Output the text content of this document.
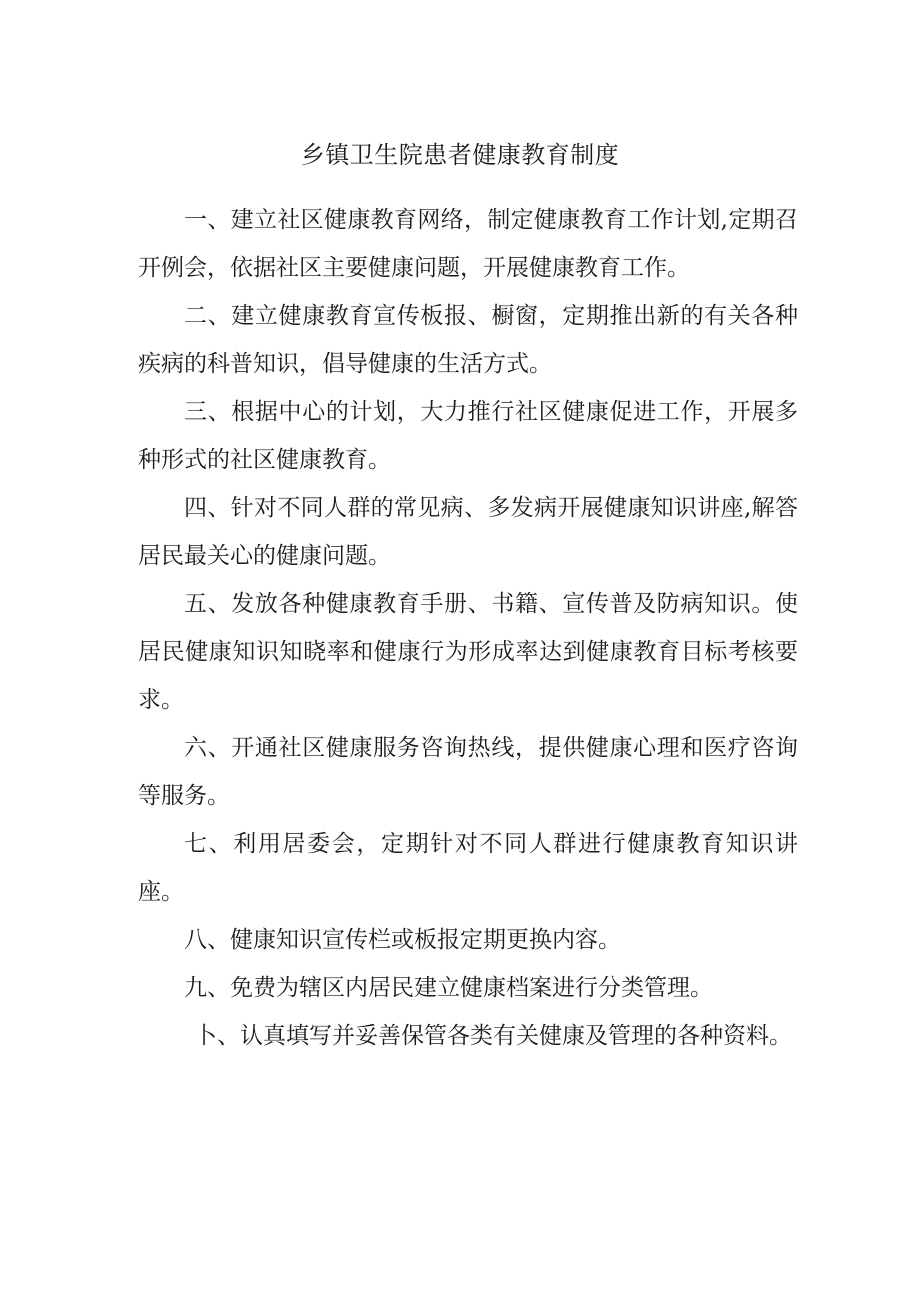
乡镇卫生院患者健康教育制度

一、建立社区健康教育网络，制定健康教育工作计划,定期召开例会，依据社区主要健康问题，开展健康教育工作。

二、建立健康教育宣传板报、橱窗，定期推出新的有关各种疾病的科普知识，倡导健康的生活方式。

三、根据中心的计划，大力推行社区健康促进工作，开展多种形式的社区健康教育。

四、针对不同人群的常见病、多发病开展健康知识讲座,解答居民最关心的健康问题。

五、发放各种健康教育手册、书籍、宣传普及防病知识。使居民健康知识知晓率和健康行为形成率达到健康教育目标考核要求。

六、开通社区健康服务咨询热线，提供健康心理和医疗咨询等服务。

七、利用居委会，定期针对不同人群进行健康教育知识讲座。

八、健康知识宣传栏或板报定期更换内容。

九、免费为辖区内居民建立健康档案进行分类管理。

卜、认真填写并妥善保管各类有关健康及管理的各种资料。
